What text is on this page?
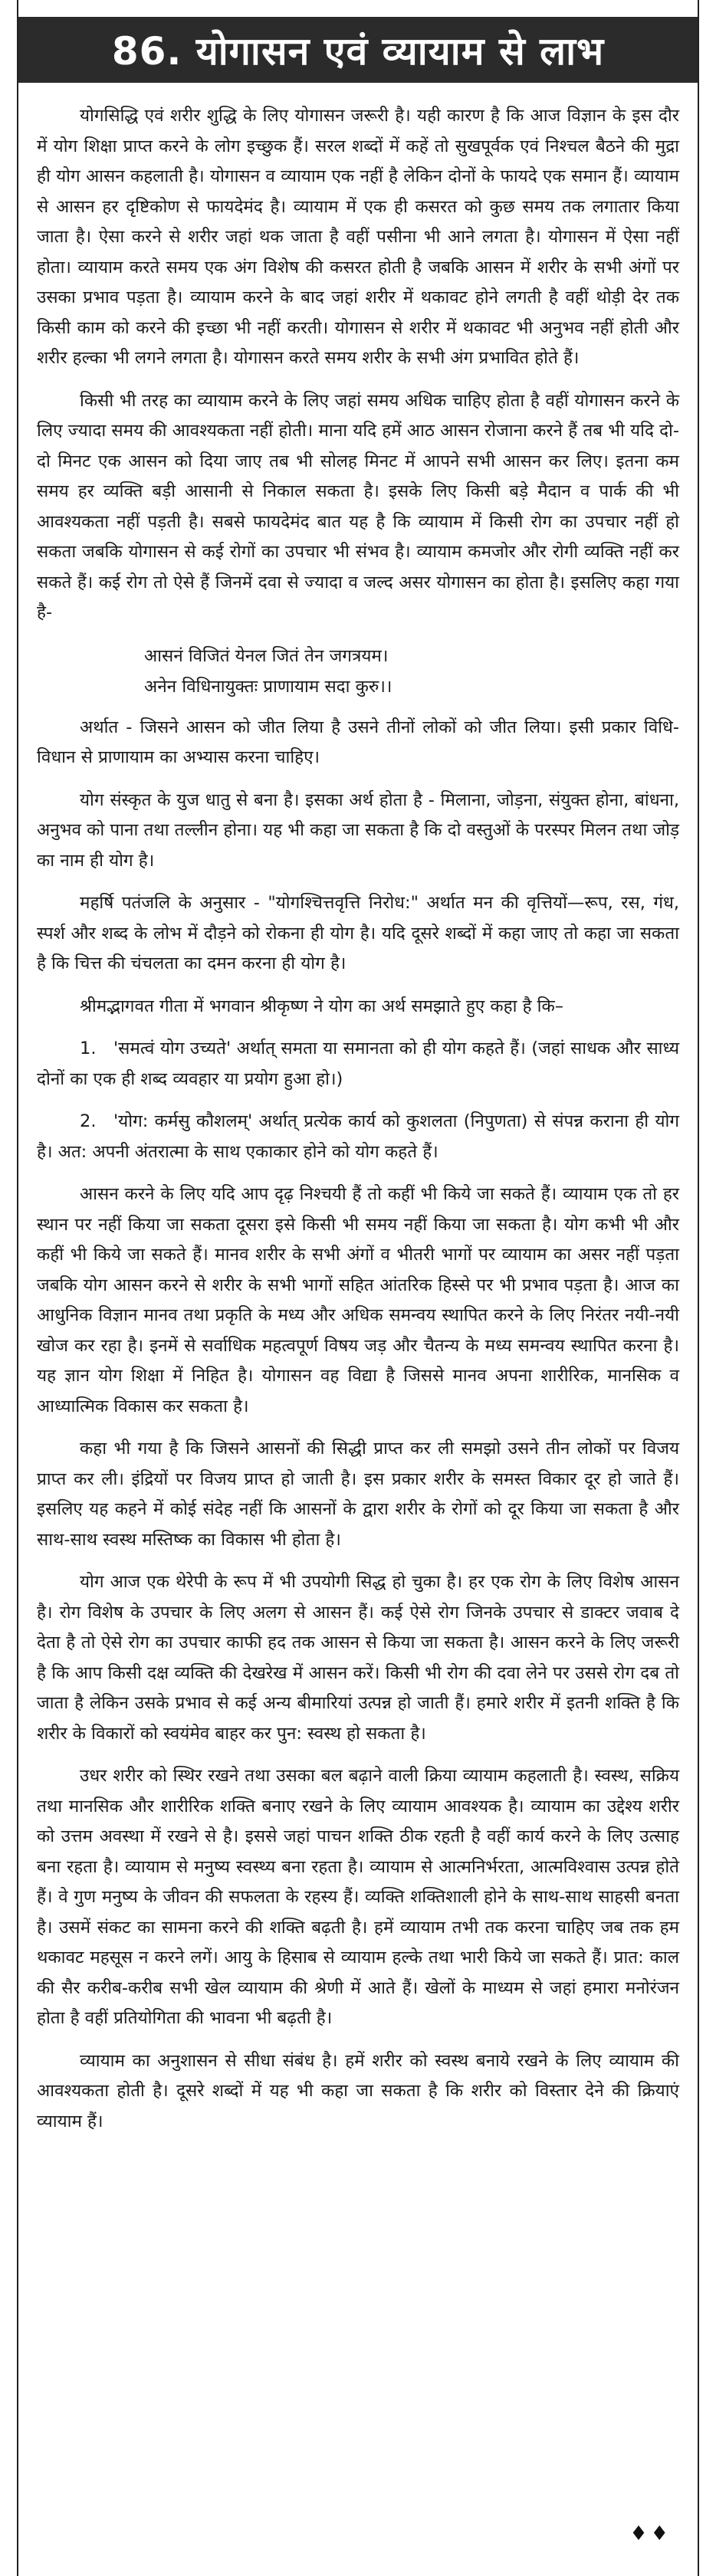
86. योगासन एवं व्यायाम से लाभ

योगसिद्धि एवं शरीर शुद्धि के लिए योगासन जरूरी है। यही कारण है कि आज विज्ञान के इस दौर में योग शिक्षा प्राप्त करने के लोग इच्छुक हैं। सरल शब्दों में कहें तो सुखपूर्वक एवं निश्चल बैठने की मुद्रा ही योग आसन कहलाती है। योगासन व व्यायाम एक नहीं है लेकिन दोनों के फायदे एक समान हैं। व्यायाम से आसन हर दृष्टिकोण से फायदेमंद है। व्यायाम में एक ही कसरत को कुछ समय तक लगातार किया जाता है। ऐसा करने से शरीर जहां थक जाता है वहीं पसीना भी आने लगता है। योगासन में ऐसा नहीं होता। व्यायाम करते समय एक अंग विशेष की कसरत होती है जबकि आसन में शरीर के सभी अंगों पर उसका प्रभाव पड़ता है। व्यायाम करने के बाद जहां शरीर में थकावट होने लगती है वहीं थोड़ी देर तक किसी काम को करने की इच्छा भी नहीं करती। योगासन से शरीर में थकावट भी अनुभव नहीं होती और शरीर हल्का भी लगने लगता है। योगासन करते समय शरीर के सभी अंग प्रभावित होते हैं।

किसी भी तरह का व्यायाम करने के लिए जहां समय अधिक चाहिए होता है वहीं योगासन करने के लिए ज्यादा समय की आवश्यकता नहीं होती। माना यदि हमें आठ आसन रोजाना करने हैं तब भी यदि दो-दो मिनट एक आसन को दिया जाए तब भी सोलह मिनट में आपने सभी आसन कर लिए। इतना कम समय हर व्यक्ति बड़ी आसानी से निकाल सकता है। इसके लिए किसी बड़े मैदान व पार्क की भी आवश्यकता नहीं पड़ती है। सबसे फायदेमंद बात यह है कि व्यायाम में किसी रोग का उपचार नहीं हो सकता जबकि योगासन से कई रोगों का उपचार भी संभव है। व्यायाम कमजोर और रोगी व्यक्ति नहीं कर सकते हैं। कई रोग तो ऐसे हैं जिनमें दवा से ज्यादा व जल्द असर योगासन का होता है। इसलिए कहा गया है-

आसनं विजितं येनल जितं तेन जगत्रयम।

अनेन विधिनायुक्तः प्राणायाम सदा कुरु।।

अर्थात - जिसने आसन को जीत लिया है उसने तीनों लोकों को जीत लिया। इसी प्रकार विधि-विधान से प्राणायाम का अभ्यास करना चाहिए।

योग संस्कृत के युज धातु से बना है। इसका अर्थ होता है - मिलाना, जोड़ना, संयुक्त होना, बांधना, अनुभव को पाना तथा तल्लीन होना। यह भी कहा जा सकता है कि दो वस्तुओं के परस्पर मिलन तथा जोड़ का नाम ही योग है।

महर्षि पतंजलि के अनुसार - "योगश्चित्तवृत्ति निरोध:" अर्थात मन की वृत्तियों—रूप, रस, गंध, स्पर्श और शब्द के लोभ में दौड़ने को रोकना ही योग है। यदि दूसरे शब्दों में कहा जाए तो कहा जा सकता है कि चित्त की चंचलता का दमन करना ही योग है।

श्रीमद्भागवत गीता में भगवान श्रीकृष्ण ने योग का अर्थ समझाते हुए कहा है कि–

1. 'समत्वं योग उच्यते' अर्थात् समता या समानता को ही योग कहते हैं। (जहां साधक और साध्य दोनों का एक ही शब्द व्यवहार या प्रयोग हुआ हो।)

2. 'योग: कर्मसु कौशलम्' अर्थात् प्रत्येक कार्य को कुशलता (निपुणता) से संपन्न कराना ही योग है। अत: अपनी अंतरात्मा के साथ एकाकार होने को योग कहते हैं।

आसन करने के लिए यदि आप दृढ़ निश्चयी हैं तो कहीं भी किये जा सकते हैं। व्यायाम एक तो हर स्थान पर नहीं किया जा सकता दूसरा इसे किसी भी समय नहीं किया जा सकता है। योग कभी भी और कहीं भी किये जा सकते हैं। मानव शरीर के सभी अंगों व भीतरी भागों पर व्यायाम का असर नहीं पड़ता जबकि योग आसन करने से शरीर के सभी भागों सहित आंतरिक हिस्से पर भी प्रभाव पड़ता है। आज का आधुनिक विज्ञान मानव तथा प्रकृति के मध्य और अधिक समन्वय स्थापित करने के लिए निरंतर नयी-नयी खोज कर रहा है। इनमें से सर्वाधिक महत्वपूर्ण विषय जड़ और चैतन्य के मध्य समन्वय स्थापित करना है। यह ज्ञान योग शिक्षा में निहित है। योगासन वह विद्या है जिससे मानव अपना शारीरिक, मानसिक व आध्यात्मिक विकास कर सकता है।

कहा भी गया है कि जिसने आसनों की सिद्धी प्राप्त कर ली समझो उसने तीन लोकों पर विजय प्राप्त कर ली। इंद्रियों पर विजय प्राप्त हो जाती है। इस प्रकार शरीर के समस्त विकार दूर हो जाते हैं। इसलिए यह कहने में कोई संदेह नहीं कि आसनों के द्वारा शरीर के रोगों को दूर किया जा सकता है और साथ-साथ स्वस्थ मस्तिष्क का विकास भी होता है।

योग आज एक थेरेपी के रूप में भी उपयोगी सिद्ध हो चुका है। हर एक रोग के लिए विशेष आसन है। रोग विशेष के उपचार के लिए अलग से आसन हैं। कई ऐसे रोग जिनके उपचार से डाक्टर जवाब दे देता है तो ऐसे रोग का उपचार काफी हद तक आसन से किया जा सकता है। आसन करने के लिए जरूरी है कि आप किसी दक्ष व्यक्ति की देखरेख में आसन करें। किसी भी रोग की दवा लेने पर उससे रोग दब तो जाता है लेकिन उसके प्रभाव से कई अन्य बीमारियां उत्पन्न हो जाती हैं। हमारे शरीर में इतनी शक्ति है कि शरीर के विकारों को स्वयंमेव बाहर कर पुन: स्वस्थ हो सकता है।

उधर शरीर को स्थिर रखने तथा उसका बल बढ़ाने वाली क्रिया व्यायाम कहलाती है। स्वस्थ, सक्रिय तथा मानसिक और शारीरिक शक्ति बनाए रखने के लिए व्यायाम आवश्यक है। व्यायाम का उद्देश्य शरीर को उत्तम अवस्था में रखने से है। इससे जहां पाचन शक्ति ठीक रहती है वहीं कार्य करने के लिए उत्साह बना रहता है। व्यायाम से मनुष्य स्वस्थ्य बना रहता है। व्यायाम से आत्मनिर्भरता, आत्मविश्वास उत्पन्न होते हैं। वे गुण मनुष्य के जीवन की सफलता के रहस्य हैं। व्यक्ति शक्तिशाली होने के साथ-साथ साहसी बनता है। उसमें संकट का सामना करने की शक्ति बढ़ती है। हमें व्यायाम तभी तक करना चाहिए जब तक हम थकावट महसूस न करने लगें। आयु के हिसाब से व्यायाम हल्के तथा भारी किये जा सकते हैं। प्रात: काल की सैर करीब-करीब सभी खेल व्यायाम की श्रेणी में आते हैं। खेलों के माध्यम से जहां हमारा मनोरंजन होता है वहीं प्रतियोगिता की भावना भी बढ़ती है।

व्यायाम का अनुशासन से सीधा संबंध है। हमें शरीर को स्वस्थ बनाये रखने के लिए व्यायाम की आवश्यकता होती है। दूसरे शब्दों में यह भी कहा जा सकता है कि शरीर को विस्तार देने की क्रियाएं व्यायाम हैं।

♦♦
